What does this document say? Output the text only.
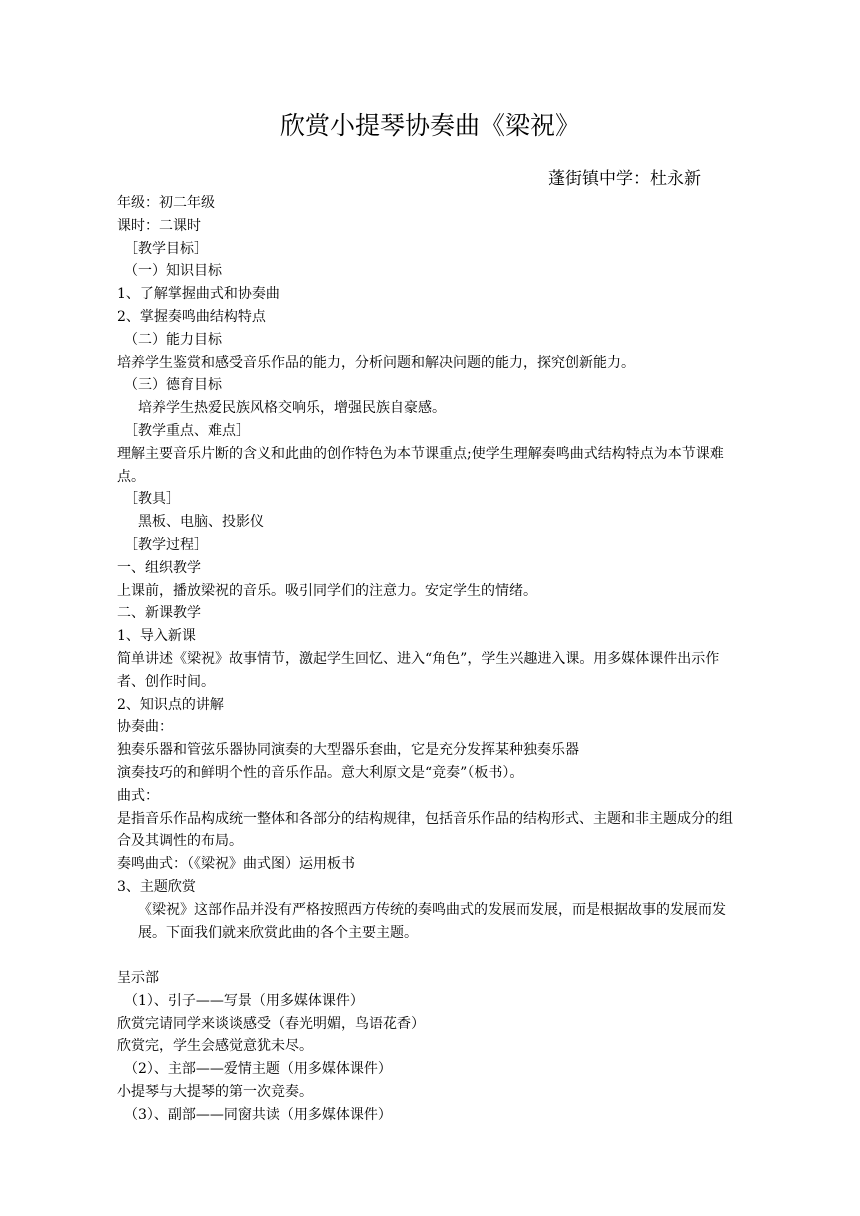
欣赏小提琴协奏曲《梁祝》
蓬街镇中学：杜永新
年级：初二年级
课时：二课时
［教学目标］
（一）知识目标
1、了解掌握曲式和协奏曲
2、掌握奏鸣曲结构特点
（二）能力目标
培养学生鉴赏和感受音乐作品的能力，分析问题和解决问题的能力，探究创新能力。
（三）德育目标
培养学生热爱民族风格交响乐，增强民族自豪感。
［教学重点、难点］
理解主要音乐片断的含义和此曲的创作特色为本节课重点;使学生理解奏鸣曲式结构特点为本节课难点。
［教具］
黑板、电脑、投影仪
［教学过程］
一、组织教学
上课前，播放梁祝的音乐。吸引同学们的注意力。安定学生的情绪。
二、新课教学
1、导入新课
简单讲述《梁祝》故事情节，激起学生回忆、进入“角色”，学生兴趣进入课。用多媒体课件出示作者、创作时间。
2、知识点的讲解
协奏曲：
独奏乐器和管弦乐器协同演奏的大型器乐套曲，它是充分发挥某种独奏乐器
演奏技巧的和鲜明个性的音乐作品。意大利原文是“竞奏”（板书）。
曲式：
是指音乐作品构成统一整体和各部分的结构规律，包括音乐作品的结构形式、主题和非主题成分的组合及其调性的布局。
奏鸣曲式：（《梁祝》曲式图）运用板书
3、主题欣赏
《梁祝》这部作品并没有严格按照西方传统的奏鸣曲式的发展而发展，而是根据故事的发展而发展。下面我们就来欣赏此曲的各个主要主题。
呈示部
（1）、引子——写景（用多媒体课件）
欣赏完请同学来谈谈感受（春光明媚，鸟语花香）
欣赏完，学生会感觉意犹未尽。
（2）、主部——爱情主题（用多媒体课件）
小提琴与大提琴的第一次竞奏。
（3）、副部——同窗共读（用多媒体课件）
